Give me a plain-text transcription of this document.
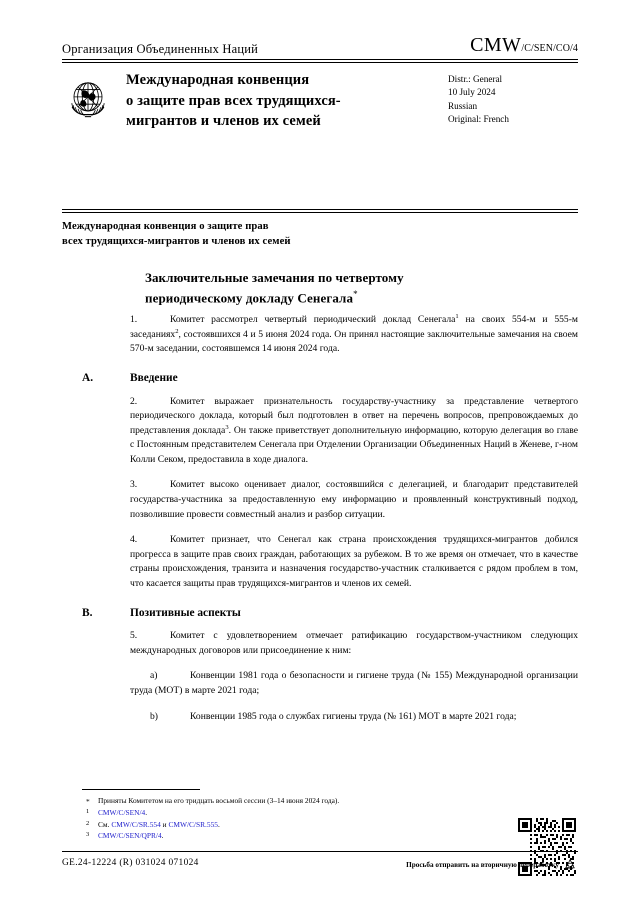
Организация Объединенных Наций	CMW /C/SEN/CO/4
Международная конвенция
о защите прав всех трудящихся-
мигрантов и членов их семей
Distr.: General
10 July 2024
Russian
Original: French
Международная конвенция о защите прав
всех трудящихся-мигрантов и членов их семей
Заключительные замечания по четвертому
периодическому докладу Сенегала*
1.	Комитет рассмотрел четвертый периодический доклад Сенегала$^1$ на своих 554-м и 555-м заседаниях$^2$, состоявшихся 4 и 5 июня 2024 года. Он принял настоящие заключительные замечания на своем 570-м заседании, состоявшемся 14 июня 2024 года.
A.	Введение
2.	Комитет выражает признательность государству-участнику за представление четвертого периодического доклада, который был подготовлен в ответ на перечень вопросов, препровождаемых до представления доклада$^3$. Он также приветствует дополнительную информацию, которую делегация во главе с Постоянным представителем Сенегала при Отделении Организации Объединенных Наций в Женеве, г-ном Колли Секом, предоставила в ходе диалога.
3.	Комитет высоко оценивает диалог, состоявшийся с делегацией, и благодарит представителей государства-участника за предоставленную ему информацию и проявленный конструктивный подход, позволившие провести совместный анализ и разбор ситуации.
4.	Комитет признает, что Сенегал как страна происхождения трудящихся-мигрантов добился прогресса в защите прав своих граждан, работающих за рубежом. В то же время он отмечает, что в качестве страны происхождения, транзита и назначения государство-участник сталкивается с рядом проблем в том, что касается защиты прав трудящихся-мигрантов и членов их семей.
B.	Позитивные аспекты
5.	Комитет с удовлетворением отмечает ратификацию государством-участником следующих международных договоров или присоединение к ним:
a)	Конвенции 1981 года о безопасности и гигиене труда (№ 155) Международной организации труда (МОТ) в марте 2021 года;
b)	Конвенции 1985 года о службах гигиены труда (№ 161) МОТ в марте 2021 года;
* Приняты Комитетом на его тридцать восьмой сессии (3–14 июня 2024 года).
1 CMW/C/SEN/4.
2 См. CMW/C/SR.554 и CMW/C/SR.555.
3 CMW/C/SEN/QPR/4.
GE.24-12224 (R) 031024 071024	Просьба отправить на вторичную переработку
